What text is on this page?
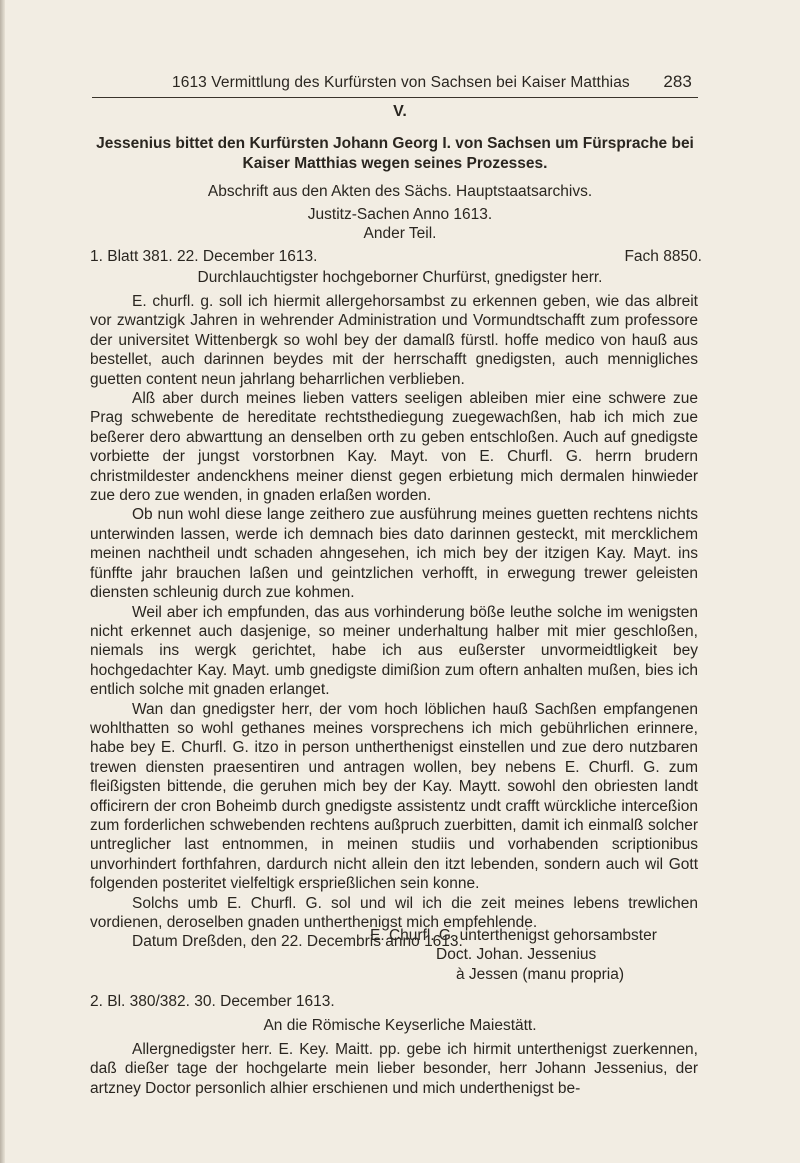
1613 Vermittlung des Kurfürsten von Sachsen bei Kaiser Matthias 283
V.
Jessenius bittet den Kurfürsten Johann Georg I. von Sachsen um Fürsprache bei
Kaiser Matthias wegen seines Prozesses.
Abschrift aus den Akten des Sächs. Hauptstaatsarchivs.
Justitz-Sachen Anno 1613.
Ander Teil.
1. Blatt 381. 22. December 1613.	Fach 8850.
Durchlauchtigster hochgeborner Churfürst, gnedigster herr.

E. churfl. g. soll ich hiermit allergehorsambst zu erkennen geben, wie das albreit vor zwantzigk Jahren in wehrender Administration und Vormundtschafft zum professore der universitet Wittenbergk so wohl bey der damalß fürstl. hoffe medico von hauß aus bestellet, auch darinnen beydes mit der herrschafft gnedigsten, auch mennigliches guetten content neun jahrlang beharrlichen verblieben.

Alß aber durch meines lieben vatters seeligen ableiben mier eine schwere zue Prag schwebente de hereditate rechtsthediegung zuegewachßen, hab ich mich zue beßerer dero abwarttung an denselben orth zu geben entschloßen. Auch auf gnedigste vorbiette der jungst vorstorbnen Kay. Mayt. von E. Churfl. G. herrn brudern christmildester andenckhens meiner dienst gegen erbietung mich dermalen hinwieder zue dero zue wenden, in gnaden erlaßen worden.

Ob nun wohl diese lange zeithero zue ausführung meines guetten rechtens nichts unterwinden lassen, werde ich demnach bies dato darinnen gesteckt, mit mercklichem meinen nachtheil undt schaden ahngesehen, ich mich bey der itzigen Kay. Mayt. ins fünffte jahr brauchen laßen und geintzlichen verhofft, in erwegung trewer geleisten diensten schleunig durch zue kohmen.

Weil aber ich empfunden, das aus vorhinderung böße leuthe solche im wenigsten nicht erkennet auch dasjenige, so meiner underhaltung halber mit mier geschloßen, niemals ins wergk gerichtet, habe ich aus eußerster unvormeidtligkeit bey hochgedachter Kay. Mayt. umb gnedigste dimißion zum oftern anhalten mußen, bies ich entlich solche mit gnaden erlanget.

Wan dan gnedigster herr, der vom hoch löblichen hauß Sachßen empfangenen wohlthatten so wohl gethanes meines vorsprechens ich mich gebührlichen erinnere, habe bey E. Churfl. G. itzo in person untherthenigst einstellen und zue dero nutzbaren trewen diensten praesentiren und antragen wollen, bey nebens E. Churfl. G. zum fleißigsten bittende, die geruhen mich bey der Kay. Maytt. sowohl den obriesten landt officirern der cron Boheimb durch gnedigste assistentz undt crafft würckliche intercеßion zum forderlichen schwebenden rechtens außpruch zuerbitten, damit ich einmalß solcher untreglicher last entnommen, in meinen studiis und vorhabenden scriptionibus unvorhindert forthfahren, dardurch nicht allein den itzt lebenden, sondern auch wil Gott folgenden posteritet vielfeltigk ersprießlichen sein konne.

Solchs umb E. Churfl. G. sol und wil ich die zeit meines lebens trewlichen vordienen, deroselben gnaden untherthenigst mich empfehlende.

Datum Dreßden, den 22. Decembris anno 1613.

E. Churfl. G. unterthenigst gehorsambster
Doct. Johan. Jessenius
à Jessen (manu propria)
2. Bl. 380/382. 30. December 1613.
An die Römische Keyserliche Maiestätt.

Allergnedigster herr. E. Key. Maitt. pp. gebe ich hirmit unterthenigst zuerkennen, daß dießer tage der hochgelarte mein lieber besonder, herr Johann Jessenius, der artzney Doctor personlich alhier erschienen und mich underthenigst be-
